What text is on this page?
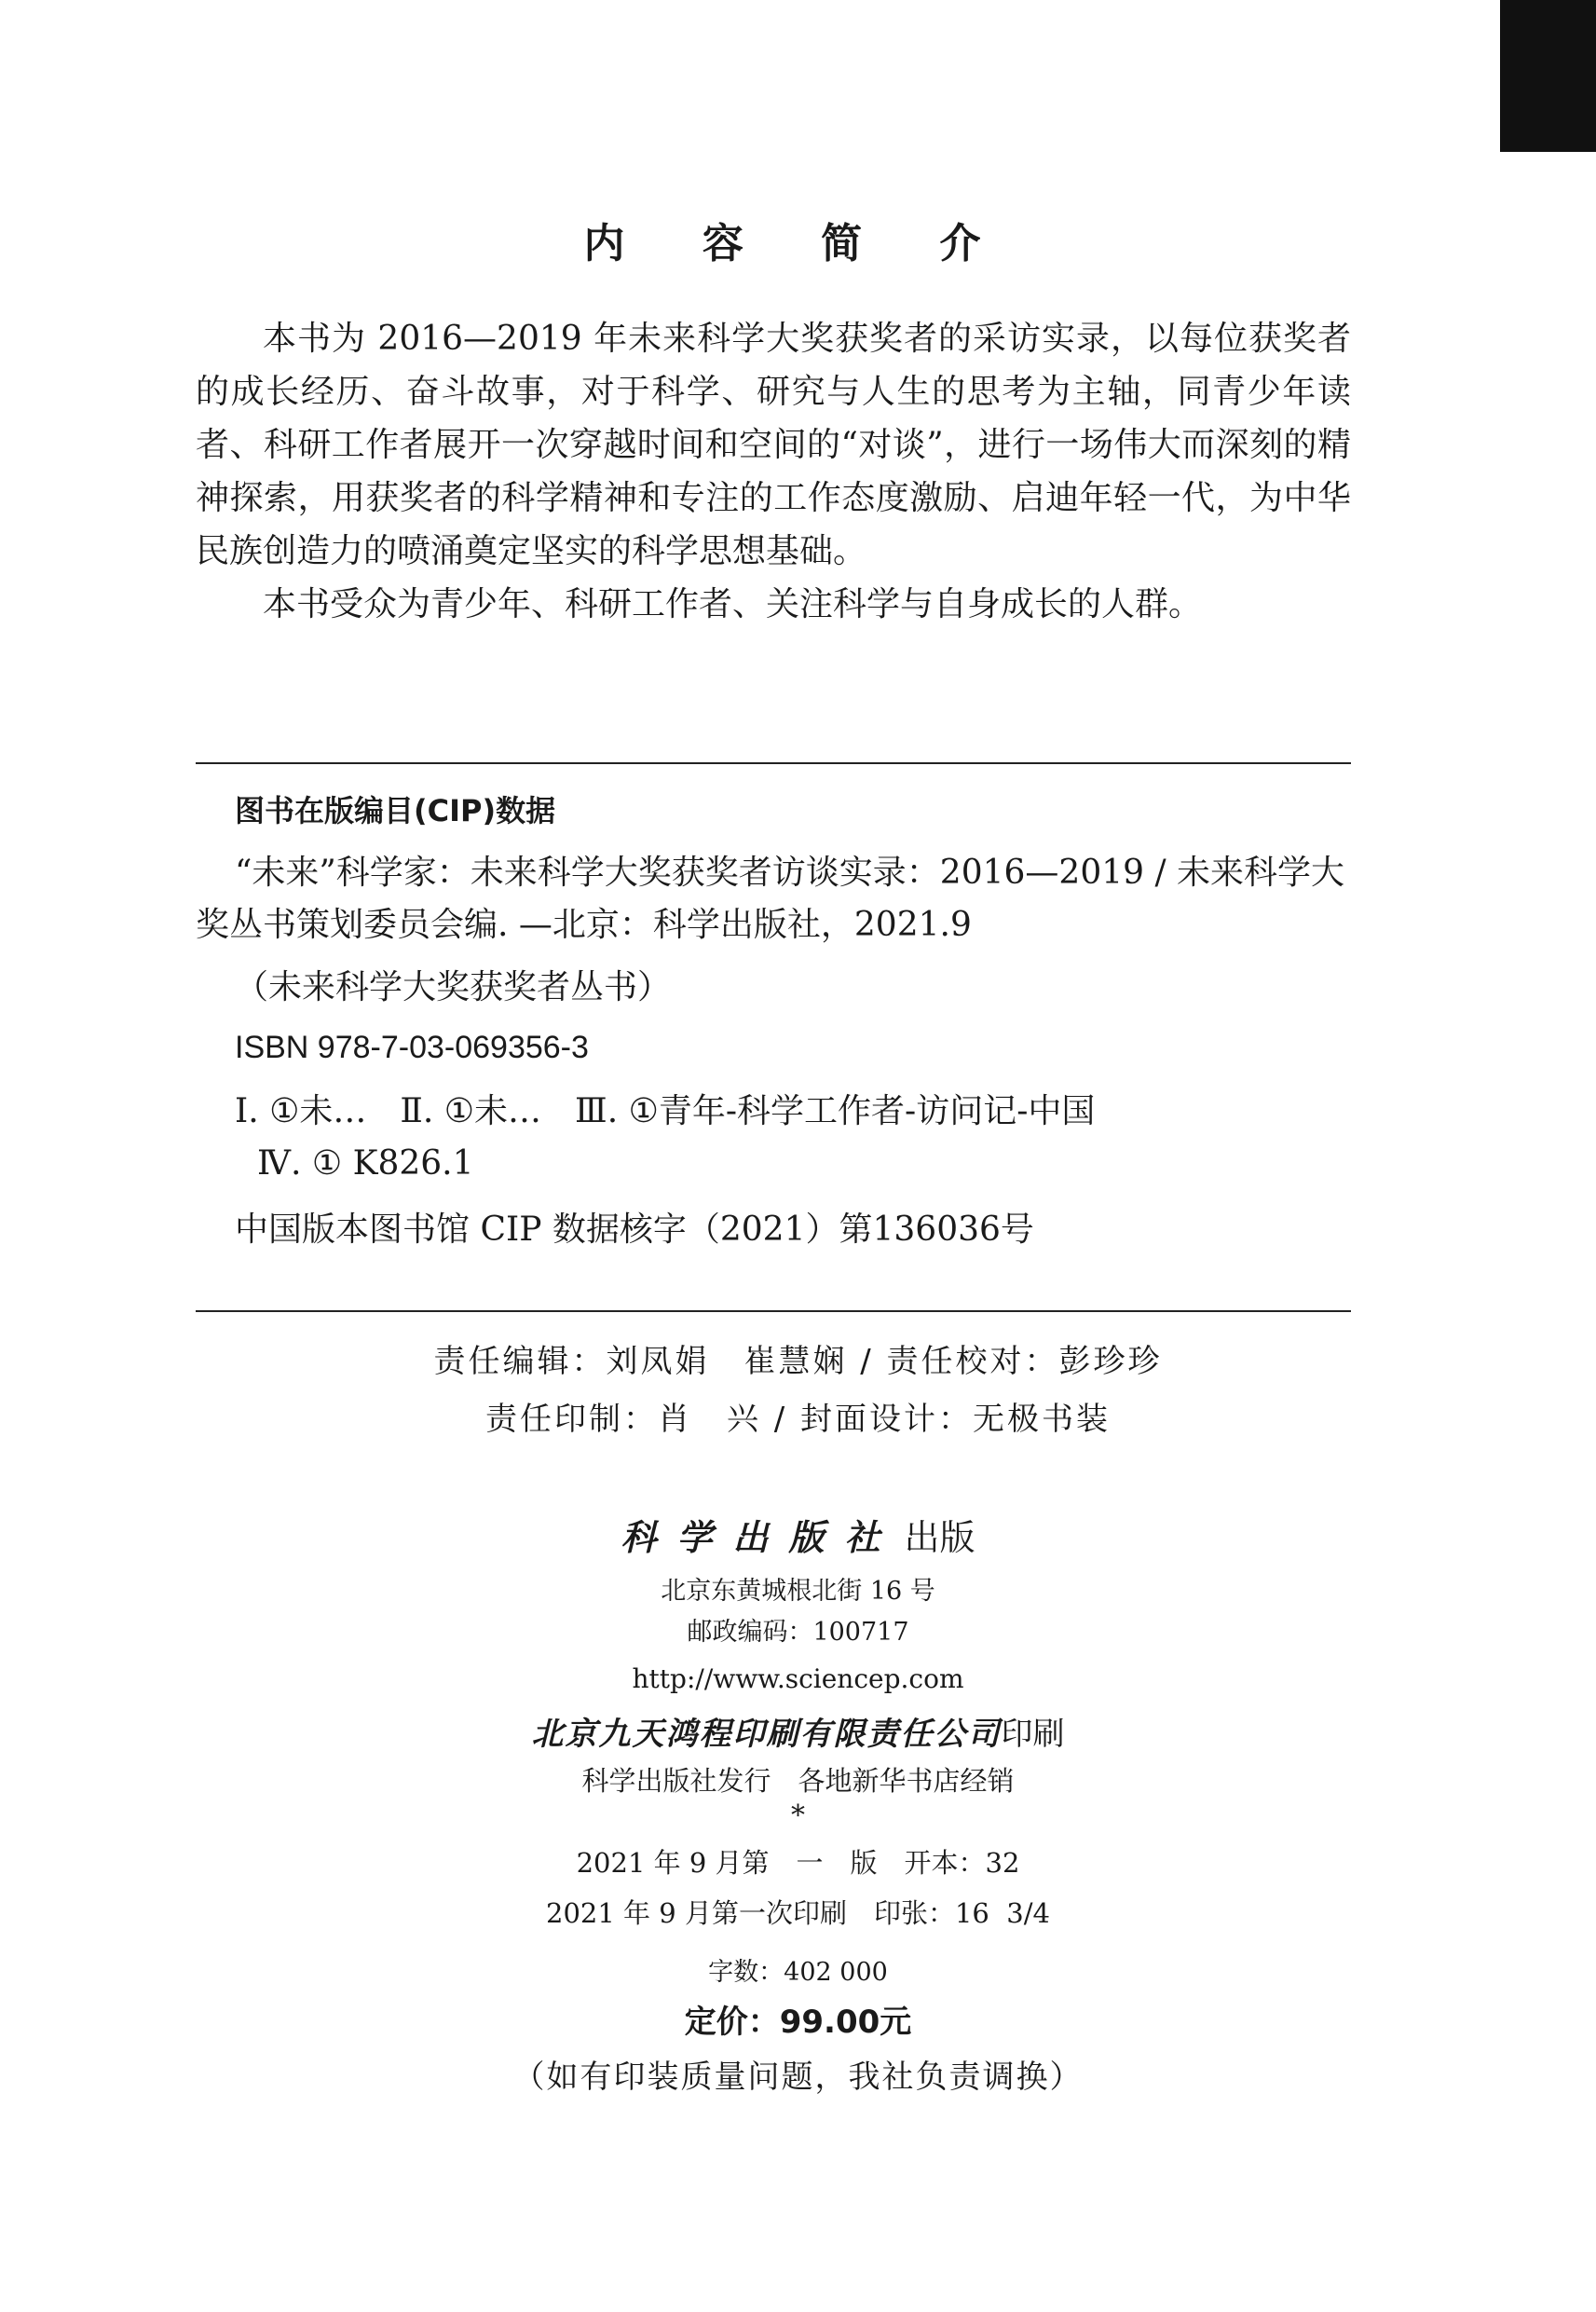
内 容 简 介

本书为 2016—2019 年未来科学大奖获奖者的采访实录，以每位获奖者的成长经历、奋斗故事，对于科学、研究与人生的思考为主轴，同青少年读者、科研工作者展开一次穿越时间和空间的“对谈”，进行一场伟大而深刻的精神探索，用获奖者的科学精神和专注的工作态度激励、启迪年轻一代，为中华民族创造力的喷涌奠定坚实的科学思想基础。

本书受众为青少年、科研工作者、关注科学与自身成长的人群。

图书在版编目(CIP)数据
“未来”科学家：未来科学大奖获奖者访谈实录：2016—2019 / 未来科学大奖丛书策划委员会编. —北京：科学出版社，2021.9
（未来科学大奖获奖者丛书）
ISBN 978-7-03-069356-3
Ⅰ. ①未…　Ⅱ. ①未…　Ⅲ. ①青年-科学工作者-访问记-中国
Ⅳ. ① K826.1
中国版本图书馆 CIP 数据核字（2021）第136036号
责任编辑：刘凤娟　崔慧娴 / 责任校对：彭珍珍
责任印制：肖　兴 / 封面设计：无极书装
科学出版社 出版
北京东黄城根北街 16 号
邮政编码：100717
http://www.sciencep.com
北京九天鸿程印刷有限责任公司印刷
科学出版社发行　各地新华书店经销
*
2021 年 9 月第　一　版　开本：32
2021 年 9 月第一次印刷　印张：16  3/4
字数：402 000
定价：99.00元
（如有印装质量问题，我社负责调换）
